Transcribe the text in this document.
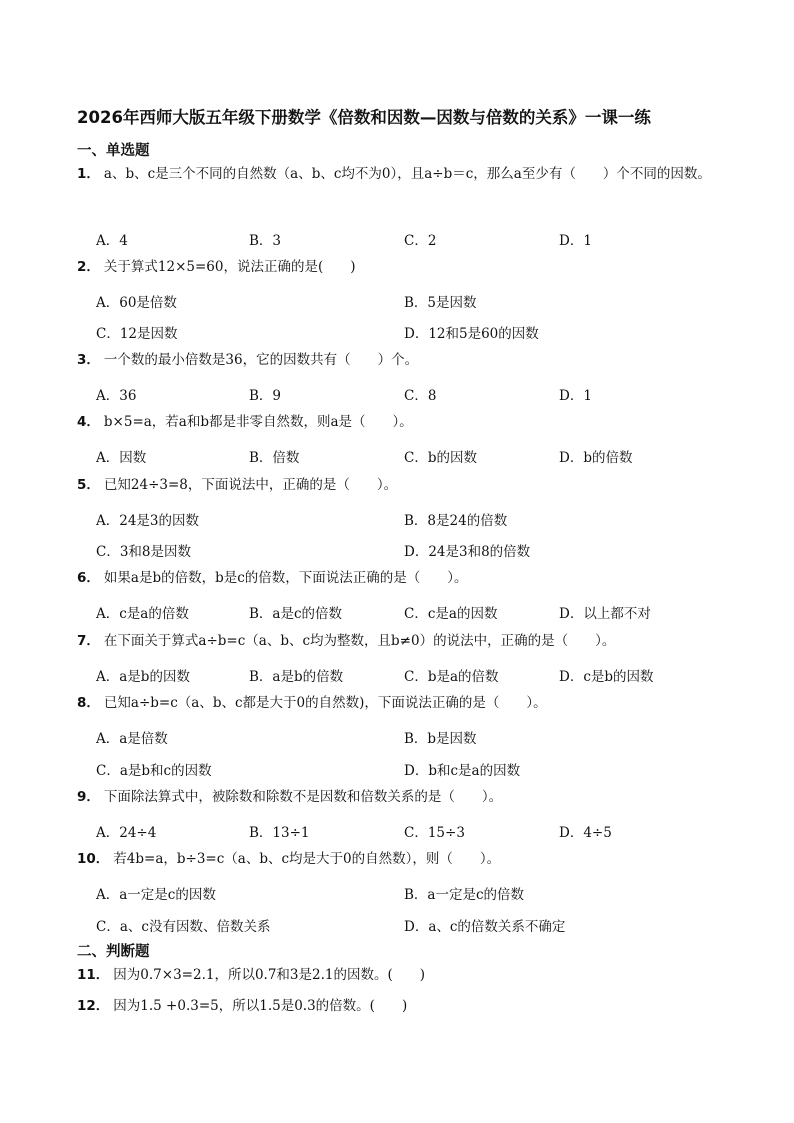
2026年西师大版五年级下册数学《倍数和因数—因数与倍数的关系》一课一练
一、单选题
1． a、b、c是三个不同的自然数（a、b、c均不为0），且a÷b＝c，那么a至少有（　　）个不同的因数。
A．4	B．3	C．2	D．1
2． 关于算式12×5=60，说法正确的是(　　)
A．60是倍数	B．5是因数
C．12是因数	D．12和5是60的因数
3． 一个数的最小倍数是36，它的因数共有（　　）个。
A．36	B．9	C．8	D．1
4． b×5=a，若a和b都是非零自然数，则a是（　　）。
A．因数	B．倍数	C．b的因数	D．b的倍数
5． 已知24÷3=8，下面说法中，正确的是（　　）。
A．24是3的因数	B．8是24的倍数
C．3和8是因数	D．24是3和8的倍数
6． 如果a是b的倍数，b是c的倍数，下面说法正确的是（　　）。
A．c是a的倍数	B．a是c的倍数	C．c是a的因数	D．以上都不对
7． 在下面关于算式a÷b=c（a、b、c均为整数，且b≠0）的说法中，正确的是（　　）。
A．a是b的因数	B．a是b的倍数	C．b是a的倍数	D．c是b的因数
8． 已知a÷b=c（a、b、c都是大于0的自然数)，下面说法正确的是（　　）。
A．a是倍数	B．b是因数
C．a是b和c的因数	D．b和c是a的因数
9． 下面除法算式中，被除数和除数不是因数和倍数关系的是（　　）。
A．24÷4	B．13÷1	C．15÷3	D．4÷5
10． 若4b=a，b÷3=c（a、b、c均是大于0的自然数），则（　　）。
A．a一定是c的因数	B．a一定是c的倍数
C．a、c没有因数、倍数关系	D．a、c的倍数关系不确定
二、判断题
11． 因为0.7×3=2.1，所以0.7和3是2.1的因数。(　　)
12． 因为1.5 +0.3=5，所以1.5是0.3的倍数。(　　)
